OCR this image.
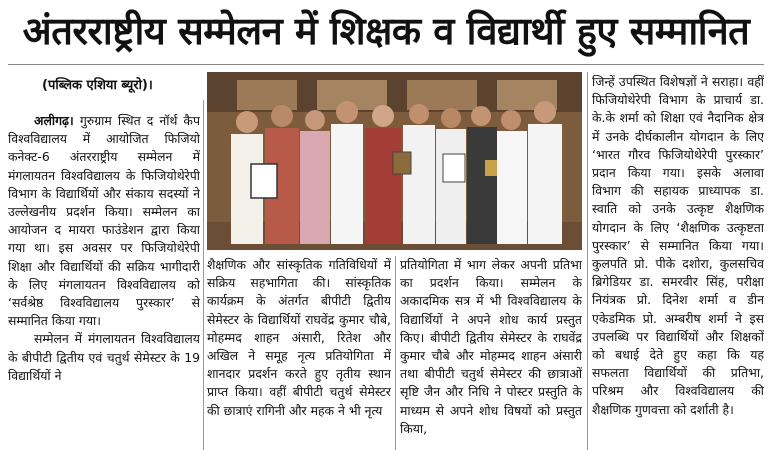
अंतरराष्ट्रीय सम्मेलन में शिक्षक व विद्यार्थी हुए सम्मानित
(पब्लिक एशिया ब्यूरो)।

अलीगढ़। गुरुग्राम स्थित द नॉर्थ कैप विश्वविद्यालय में आयोजित फिजियो कनेक्ट-6 अंतरराष्ट्रीय सम्मेलन में मंगलायतन विश्वविद्यालय के फिजियोथेरेपी विभाग के विद्यार्थियों और संकाय सदस्यों ने उल्लेखनीय प्रदर्शन किया। सम्मेलन का आयोजन द मायरा फाउंडेशन द्वारा किया गया था। इस अवसर पर फिजियोथेरेपी शिक्षा और विद्यार्थियों की सक्रिय भागीदारी के लिए मंगलायतन विश्वविद्यालय को ‘सर्वश्रेष्ठ विश्वविद्यालय पुरस्कार’ से सम्मानित किया गया।

सम्मेलन में मंगलायतन विश्वविद्यालय के बीपीटी द्वितीय एवं चतुर्थ सेमेस्टर के 19 विद्यार्थियों ने

शैक्षणिक और सांस्कृतिक गतिविधियों में सक्रिय सहभागिता की। सांस्कृतिक कार्यक्रम के अंतर्गत बीपीटी द्वितीय सेमेस्टर के विद्यार्थियों राघवेंद्र कुमार चौबे, मोहम्मद शाहन अंसारी, रितेश और अखिल ने समूह नृत्य प्रतियोगिता में शानदार प्रदर्शन करते हुए तृतीय स्थान प्राप्त किया। वहीं बीपीटी चतुर्थ सेमेस्टर की छात्राएं रागिनी और महक ने भी नृत्य

प्रतियोगिता में भाग लेकर अपनी प्रतिभा का प्रदर्शन किया। सम्मेलन के अकादमिक सत्र में भी विश्वविद्यालय के विद्यार्थियों ने अपने शोध कार्य प्रस्तुत किए। बीपीटी द्वितीय सेमेस्टर के राघवेंद्र कुमार चौबे और मोहम्मद शाहन अंसारी तथा बीपीटी चतुर्थ सेमेस्टर की छात्राओं सृष्टि जैन और निधि ने पोस्टर प्रस्तुति के माध्यम से अपने शोध विषयों को प्रस्तुत किया,

जिन्हें उपस्थित विशेषज्ञों ने सराहा। वहीं फिजियोथेरेपी विभाग के प्राचार्य डा. के.के शर्मा को शिक्षा एवं नैदानिक क्षेत्र में उनके दीर्घकालीन योगदान के लिए ‘भारत गौरव फिजियोथेरेपी पुरस्कार’ प्रदान किया गया। इसके अलावा विभाग की सहायक प्राध्यापक डा. स्वाति को उनके उत्कृष्ट शैक्षणिक योगदान के लिए ‘शैक्षणिक उत्कृष्टता पुरस्कार’ से सम्मानित किया गया। कुलपति प्रो. पीके दशोरा, कुलसचिव ब्रिगेडियर डा. समरवीर सिंह, परीक्षा नियंत्रक प्रो. दिनेश शर्मा व डीन एकेडमिक प्रो. अम्बरीष शर्मा ने इस उपलब्धि पर विद्यार्थियों और शिक्षकों को बधाई देते हुए कहा कि यह सफलता विद्यार्थियों की प्रतिभा, परिश्रम और विश्वविद्यालय की शैक्षणिक गुणवत्ता को दर्शाती है।
